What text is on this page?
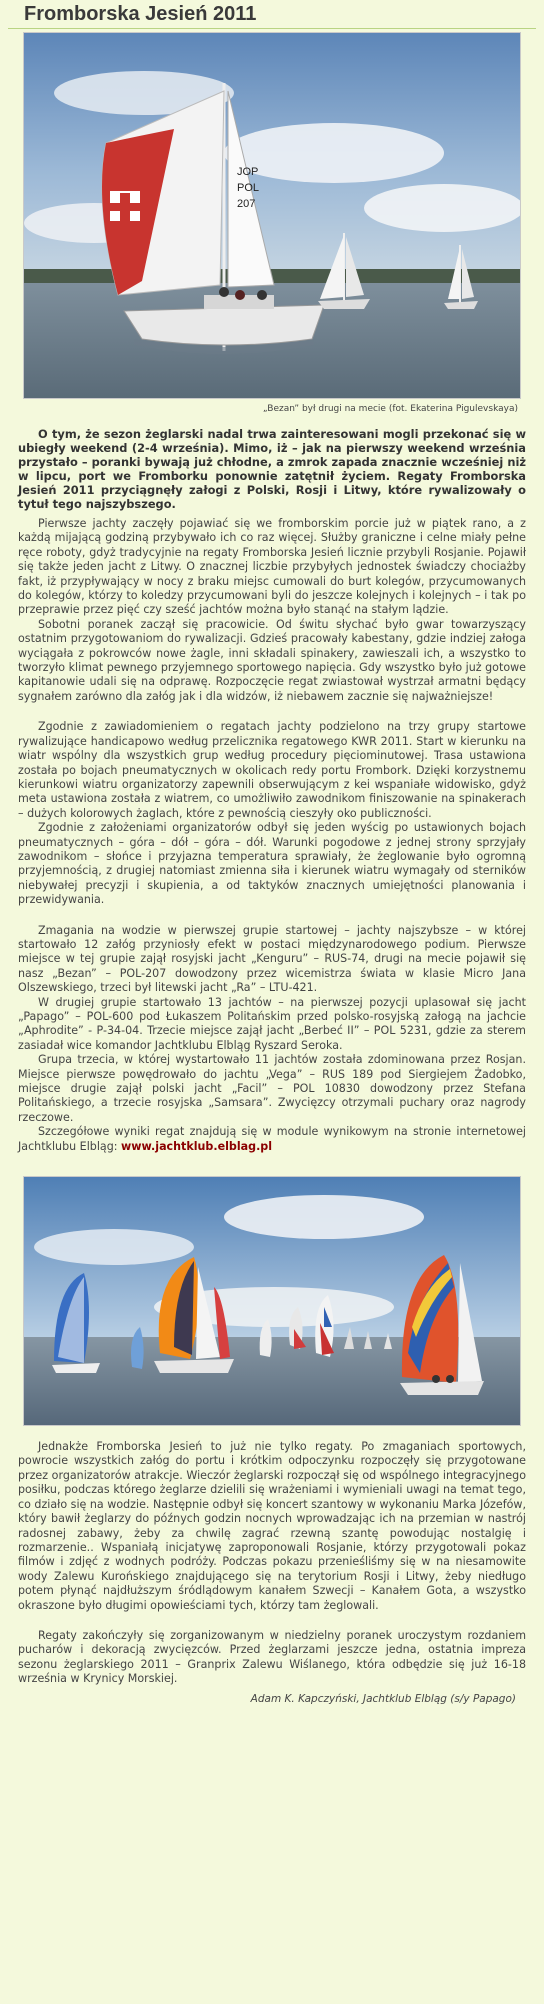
Fromborska Jesień 2011
JOP
POL
207
„Bezan” był drugi na mecie (fot. Ekaterina Pigulevskaya)

O tym, że sezon żeglarski nadal trwa zainteresowani mogli przekonać się w ubiegły weekend (2-4 września). Mimo, iż – jak na pierwszy weekend września przystało – poranki bywają już chłodne, a zmrok zapada znacznie wcześniej niż w lipcu, port we Fromborku ponownie zatętnił życiem. Regaty Fromborska Jesień 2011 przyciągnęły załogi z Polski, Rosji i Litwy, które rywalizowały o tytuł tego najszybszego.

Pierwsze jachty zaczęły pojawiać się we fromborskim porcie już w piątek rano, a z każdą mijającą godziną przybywało ich co raz więcej. Służby graniczne i celne miały pełne ręce roboty, gdyż tradycyjnie na regaty Fromborska Jesień licznie przybyli Rosjanie. Pojawił się także jeden jacht z Litwy. O znacznej liczbie przybyłych jednostek świadczy chociażby fakt, iż przypływający w nocy z braku miejsc cumowali do burt kolegów, przycumowanych do kolegów, którzy to koledzy przycumowani byli do jeszcze kolejnych i kolejnych – i tak po przeprawie przez pięć czy sześć jachtów można było stanąć na stałym lądzie.

Sobotni poranek zaczął się pracowicie. Od świtu słychać było gwar towarzyszący ostatnim przygotowaniom do rywalizacji. Gdzieś pracowały kabestany, gdzie indziej załoga wyciągała z pokrowców nowe żagle, inni składali spinakery, zawieszali ich, a wszystko to tworzyło klimat pewnego przyjemnego sportowego napięcia. Gdy wszystko było już gotowe kapitanowie udali się na odprawę. Rozpoczęcie regat zwiastował wystrzał armatni będący sygnałem zarówno dla załóg jak i dla widzów, iż niebawem zacznie się najważniejsze!

Zgodnie z zawiadomieniem o regatach jachty podzielono na trzy grupy startowe rywalizujące handicapowo według przelicznika regatowego KWR 2011. Start w kierunku na wiatr wspólny dla wszystkich grup według procedury pięciominutowej. Trasa ustawiona została po bojach pneumatycznych w okolicach redy portu Frombork. Dzięki korzystnemu kierunkowi wiatru organizatorzy zapewnili obserwującym z kei wspaniałe widowisko, gdyż meta ustawiona została z wiatrem, co umożliwiło zawodnikom finiszowanie na spinakerach – dużych kolorowych żaglach, które z pewnością cieszyły oko publiczności.

Zgodnie z założeniami organizatorów odbył się jeden wyścig po ustawionych bojach pneumatycznych – góra – dół – góra – dół. Warunki pogodowe z jednej strony sprzyjały zawodnikom – słońce i przyjazna temperatura sprawiały, że żeglowanie było ogromną przyjemnością, z drugiej natomiast zmienna siła i kierunek wiatru wymagały od sterników niebywałej precyzji i skupienia, a od taktyków znacznych umiejętności planowania i przewidywania.

Zmagania na wodzie w pierwszej grupie startowej – jachty najszybsze – w której startowało 12 załóg przyniosły efekt w postaci międzynarodowego podium. Pierwsze miejsce w tej grupie zajął rosyjski jacht „Kenguru” – RUS-74, drugi na mecie pojawił się nasz „Bezan” – POL-207 dowodzony przez wicemistrza świata w klasie Micro Jana Olszewskiego, trzeci był litewski jacht „Ra” – LTU-421.

W drugiej grupie startowało 13 jachtów – na pierwszej pozycji uplasował się jacht „Papago” – POL-600 pod Łukaszem Politańskim przed polsko-rosyjską załogą na jachcie „Aphrodite” - P-34-04. Trzecie miejsce zajął jacht „Berbeć II” – POL 5231, gdzie za sterem zasiadał wice komandor Jachtklubu Elbląg Ryszard Seroka.

Grupa trzecia, w której wystartowało 11 jachtów została zdominowana przez Rosjan. Miejsce pierwsze powędrowało do jachtu „Vega” – RUS 189 pod Siergiejem Żadobko, miejsce drugie zajął polski jacht „Facil” – POL 10830 dowodzony przez Stefana Politańskiego, a trzecie rosyjska „Samsara”. Zwycięzcy otrzymali puchary oraz nagrody rzeczowe.

Szczegółowe wyniki regat znajdują się w module wynikowym na stronie internetowej Jachtklubu Elbląg: www.jachtklub.elblag.pl

Jednakże Fromborska Jesień to już nie tylko regaty. Po zmaganiach sportowych, powrocie wszystkich załóg do portu i krótkim odpoczynku rozpoczęły się przygotowane przez organizatorów atrakcje. Wieczór żeglarski rozpoczął się od wspólnego integracyjnego posiłku, podczas którego żeglarze dzielili się wrażeniami i wymieniali uwagi na temat tego, co działo się na wodzie. Następnie odbył się koncert szantowy w wykonaniu Marka Józefów, który bawił żeglarzy do późnych godzin nocnych wprowadzając ich na przemian w nastrój radosnej zabawy, żeby za chwilę zagrać rzewną szantę powodując nostalgię i rozmarzenie.. Wspaniałą inicjatywę zaproponowali Rosjanie, którzy przygotowali pokaz filmów i zdjęć z wodnych podróży. Podczas pokazu przenieśliśmy się w na niesamowite wody Zalewu Kurońskiego znajdującego się na terytorium Rosji i Litwy, żeby niedługo potem płynąć najdłuższym śródlądowym kanałem Szwecji – Kanałem Gota, a wszystko okraszone było długimi opowieściami tych, którzy tam żeglowali.

Regaty zakończyły się zorganizowanym w niedzielny poranek uroczystym rozdaniem pucharów i dekoracją zwycięzców. Przed żeglarzami jeszcze jedna, ostatnia impreza sezonu żeglarskiego 2011 – Granprix Zalewu Wiślanego, która odbędzie się już 16-18 września w Krynicy Morskiej.

Adam K. Kapczyński, Jachtklub Elbląg (s/y Papago)
